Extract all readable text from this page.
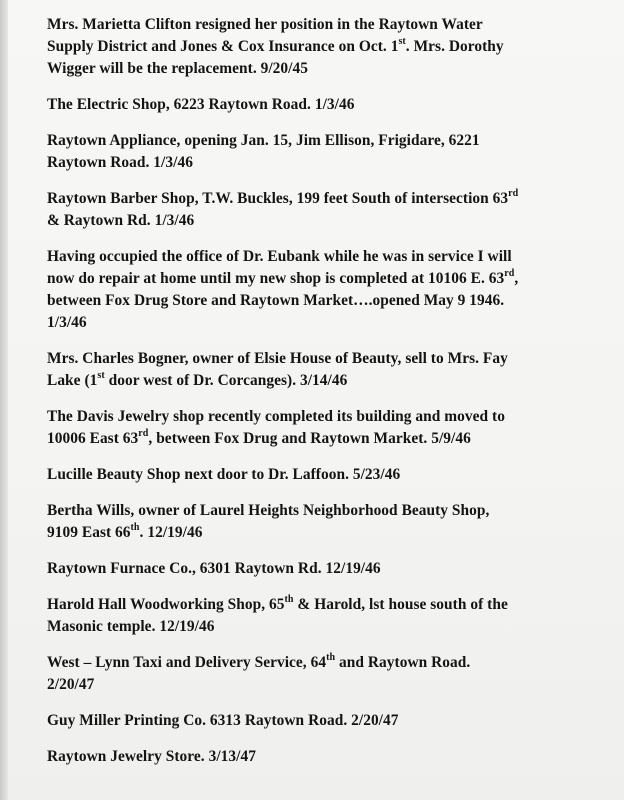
Mrs. Marietta Clifton resigned her position in the Raytown Water
Supply District and Jones & Cox Insurance on Oct. 1st. Mrs. Dorothy
Wigger will be the replacement. 9/20/45
The Electric Shop, 6223 Raytown Road. 1/3/46
Raytown Appliance, opening Jan. 15, Jim Ellison, Frigidare, 6221
Raytown Road. 1/3/46
Raytown Barber Shop, T.W. Buckles, 199 feet South of intersection 63rd
& Raytown Rd. 1/3/46
Having occupied the office of Dr. Eubank while he was in service I will
now do repair at home until my new shop is completed at 10106 E. 63rd,
between Fox Drug Store and Raytown Market….opened May 9 1946.
1/3/46
Mrs. Charles Bogner, owner of Elsie House of Beauty, sell to Mrs. Fay
Lake (1st door west of Dr. Corcanges). 3/14/46
The Davis Jewelry shop recently completed its building and moved to
10006 East 63rd, between Fox Drug and Raytown Market. 5/9/46
Lucille Beauty Shop next door to Dr. Laffoon. 5/23/46
Bertha Wills, owner of Laurel Heights Neighborhood Beauty Shop,
9109 East 66th. 12/19/46
Raytown Furnace Co., 6301 Raytown Rd. 12/19/46
Harold Hall Woodworking Shop, 65th & Harold, lst house south of the
Masonic temple. 12/19/46
West – Lynn Taxi and Delivery Service, 64th and Raytown Road.
2/20/47
Guy Miller Printing Co. 6313 Raytown Road. 2/20/47
Raytown Jewelry Store. 3/13/47
